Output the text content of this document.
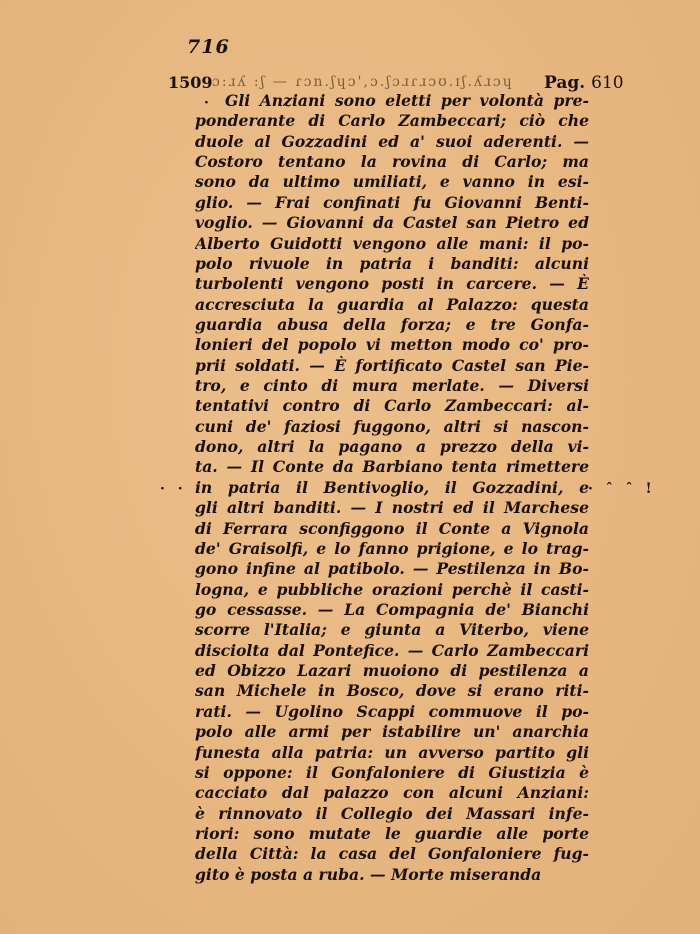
716
1509 ɔ:ɹʎ :ʃ — ɾɔn.ʃɥɔ',ɔ.ʃɔɹɾɹɔʊ.ɪʃ.ʎɹɔɥ	Pag. 610
·
· · ·	· ˆ ˆ !
Gli Anziani sono eletti per volontà pre-
ponderante di Carlo Zambeccari; ciò che
duole al Gozzadini ed a' suoi aderenti. —
Costoro tentano la rovina di Carlo; ma
sono da ultimo umiliati, e vanno in esi-
glio. — Frai confinati fu Giovanni Benti-
voglio. — Giovanni da Castel san Pietro ed
Alberto Guidotti vengono alle mani: il po-
polo rivuole in patria i banditi: alcuni
turbolenti vengono posti in carcere. — È
accresciuta la guardia al Palazzo: questa
guardia abusa della forza; e tre Gonfa-
lonieri del popolo vi metton modo co' pro-
prii soldati. — È fortificato Castel san Pie-
tro, e cinto di mura merlate. — Diversi
tentativi contro di Carlo Zambeccari: al-
cuni de' faziosi fuggono, altri si nascon-
dono, altri la pagano a prezzo della vi-
ta. — Il Conte da Barbiano tenta rimettere
in patria il Bentivoglio, il Gozzadini, e
gli altri banditi. — I nostri ed il Marchese
di Ferrara sconfiggono il Conte a Vignola
de' Graisolfi, e lo fanno prigione, e lo trag-
gono infine al patibolo. — Pestilenza in Bo-
logna, e pubbliche orazioni perchè il casti-
go cessasse. — La Compagnia de' Bianchi
scorre l'Italia; e giunta a Viterbo, viene
disciolta dal Pontefice. — Carlo Zambeccari
ed Obizzo Lazari muoiono di pestilenza a
san Michele in Bosco, dove si erano riti-
rati. — Ugolino Scappi commuove il po-
polo alle armi per istabilire un' anarchia
funesta alla patria: un avverso partito gli
si oppone: il Gonfaloniere di Giustizia è
cacciato dal palazzo con alcuni Anziani:
è rinnovato il Collegio dei Massari infe-
riori: sono mutate le guardie alle porte
della Città: la casa del Gonfaloniere fug-
gito è posta a ruba. — Morte miseranda
